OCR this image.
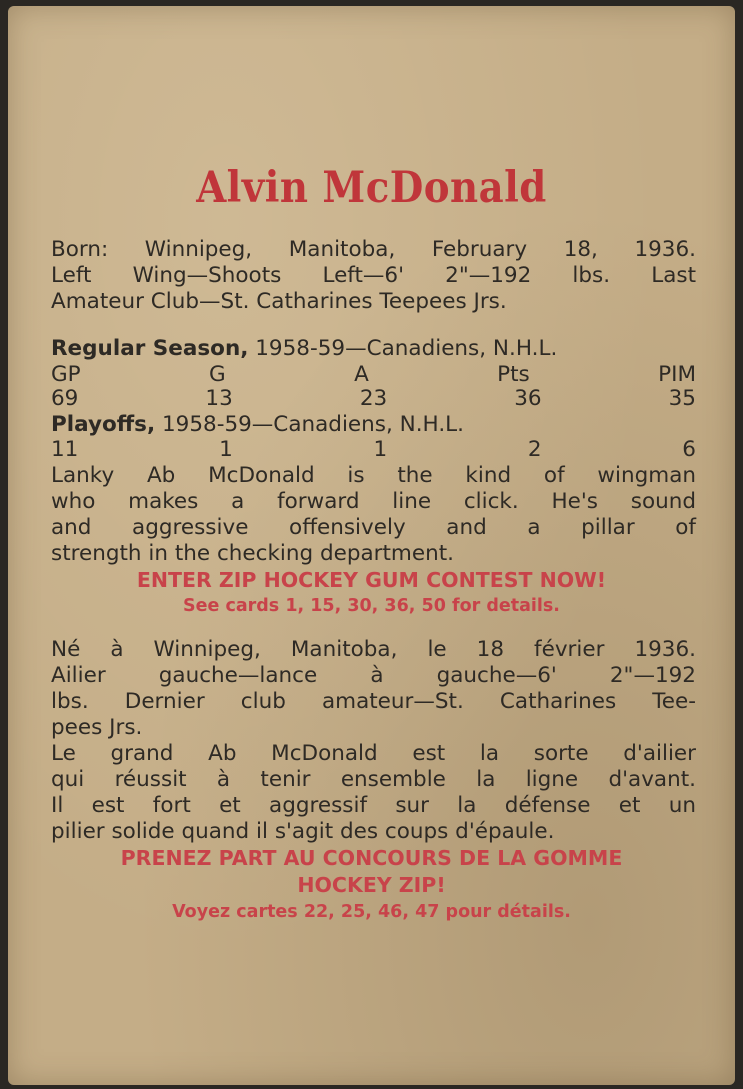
Alvin McDonald
Born: Winnipeg, Manitoba, February 18, 1936.
Left Wing—Shoots Left—6' 2"—192 lbs. Last
Amateur Club—St. Catharines Teepees Jrs.
Regular Season, 1958-59—Canadiens, N.H.L.
GP	G	A	Pts	PIM
69	13	23	36	35
Playoffs, 1958-59—Canadiens, N.H.L.
11	1	1	2	6
Lanky Ab McDonald is the kind of wingman
who makes a forward line click. He's sound
and aggressive offensively and a pillar of
strength in the checking department.
ENTER ZIP HOCKEY GUM CONTEST NOW!
See cards 1, 15, 30, 36, 50 for details.
Né à Winnipeg, Manitoba, le 18 février 1936.
Ailier gauche—lance à gauche—6' 2"—192
lbs. Dernier club amateur—St. Catharines Tee-
pees Jrs.
Le grand Ab McDonald est la sorte d'ailier
qui réussit à tenir ensemble la ligne d'avant.
Il est fort et aggressif sur la défense et un
pilier solide quand il s'agit des coups d'épaule.
PRENEZ PART AU CONCOURS DE LA GOMME
HOCKEY ZIP!
Voyez cartes 22, 25, 46, 47 pour détails.
